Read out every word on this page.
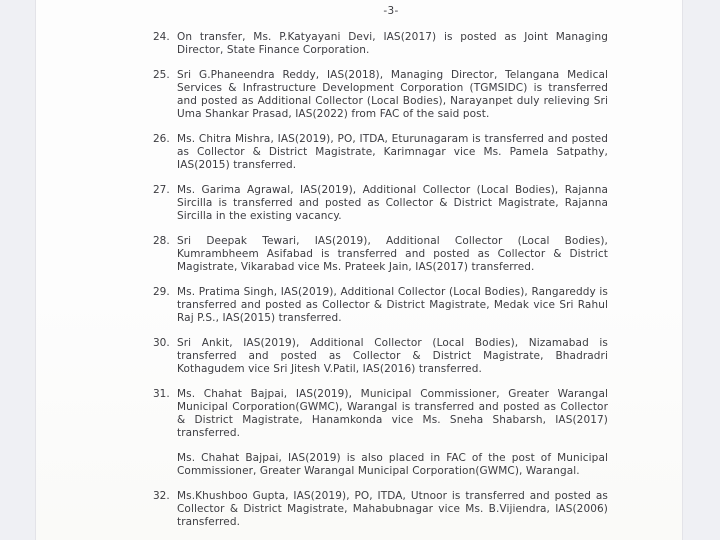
-3-
24. On transfer, Ms. P.Katyayani Devi, IAS(2017) is posted as Joint Managing Director, State Finance Corporation.
25. Sri G.Phaneendra Reddy, IAS(2018), Managing Director, Telangana Medical Services & Infrastructure Development Corporation (TGMSIDC) is transferred and posted as Additional Collector (Local Bodies), Narayanpet duly relieving Sri Uma Shankar Prasad, IAS(2022) from FAC of the said post.
26. Ms. Chitra Mishra, IAS(2019), PO, ITDA, Eturunagaram is transferred and posted as Collector & District Magistrate, Karimnagar vice Ms. Pamela Satpathy, IAS(2015) transferred.
27. Ms. Garima Agrawal, IAS(2019), Additional Collector (Local Bodies), Rajanna Sircilla is transferred and posted as Collector & District Magistrate, Rajanna Sircilla in the existing vacancy.
28. Sri Deepak Tewari, IAS(2019), Additional Collector (Local Bodies), Kumrambheem Asifabad is transferred and posted as Collector & District Magistrate, Vikarabad vice Ms. Prateek Jain, IAS(2017) transferred.
29. Ms. Pratima Singh, IAS(2019), Additional Collector (Local Bodies), Rangareddy is transferred and posted as Collector & District Magistrate, Medak vice Sri Rahul Raj P.S., IAS(2015) transferred.
30. Sri Ankit, IAS(2019), Additional Collector (Local Bodies), Nizamabad is transferred and posted as Collector & District Magistrate, Bhadradri Kothagudem vice Sri Jitesh V.Patil, IAS(2016) transferred.
31. Ms. Chahat Bajpai, IAS(2019), Municipal Commissioner, Greater Warangal Municipal Corporation(GWMC), Warangal is transferred and posted as Collector & District Magistrate, Hanamkonda vice Ms. Sneha Shabarsh, IAS(2017) transferred.
Ms. Chahat Bajpai, IAS(2019) is also placed in FAC of the post of Municipal Commissioner, Greater Warangal Municipal Corporation(GWMC), Warangal.
32. Ms.Khushboo Gupta, IAS(2019), PO, ITDA, Utnoor is transferred and posted as Collector & District Magistrate, Mahabubnagar vice Ms. B.Vijiendra, IAS(2006) transferred.
